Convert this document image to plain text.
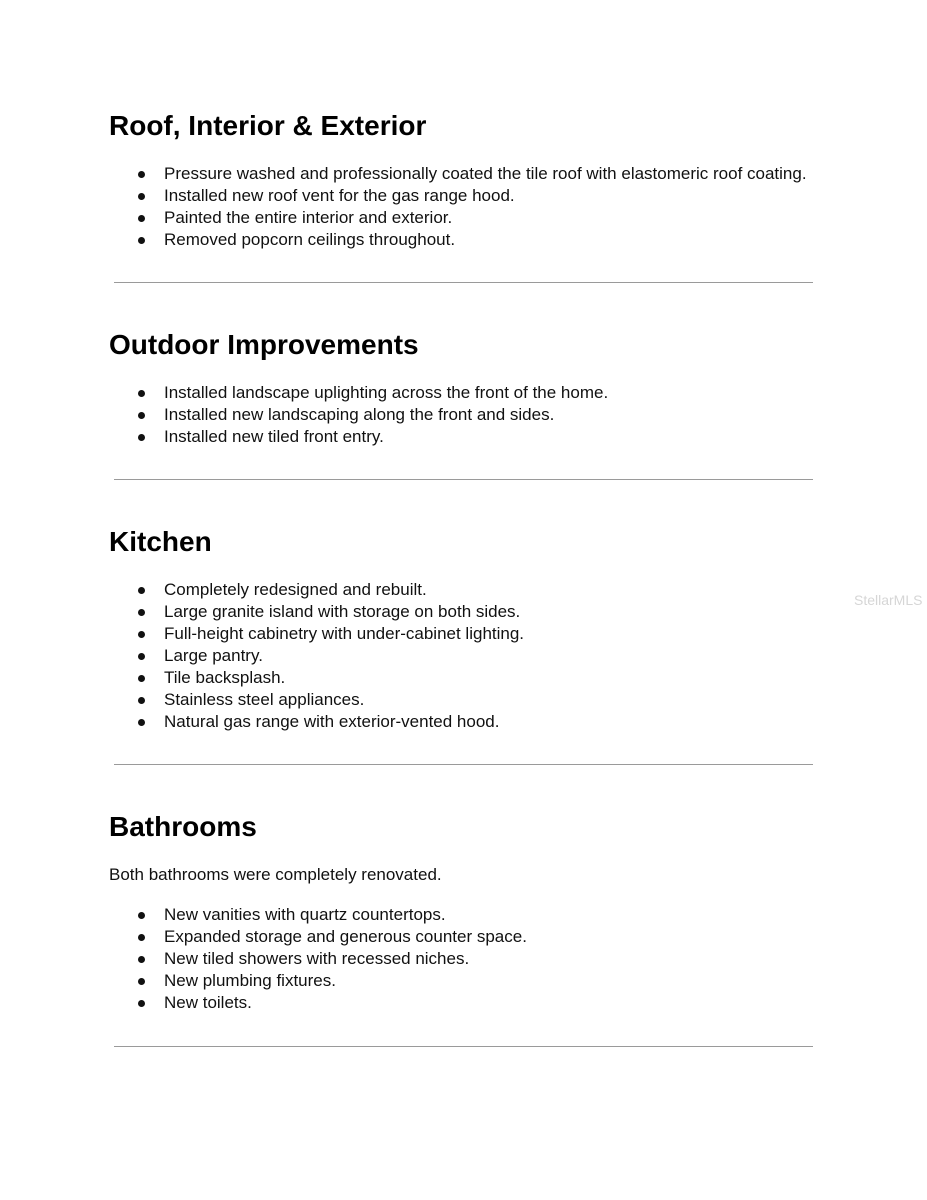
Roof, Interior & Exterior
Pressure washed and professionally coated the tile roof with elastomeric roof coating.
Installed new roof vent for the gas range hood.
Painted the entire interior and exterior.
Removed popcorn ceilings throughout.
Outdoor Improvements
Installed landscape uplighting across the front of the home.
Installed new landscaping along the front and sides.
Installed new tiled front entry.
Kitchen
Completely redesigned and rebuilt.
Large granite island with storage on both sides.
Full-height cabinetry with under-cabinet lighting.
Large pantry.
Tile backsplash.
Stainless steel appliances.
Natural gas range with exterior-vented hood.
Bathrooms

Both bathrooms were completely renovated.

New vanities with quartz countertops.
Expanded storage and generous counter space.
New tiled showers with recessed niches.
New plumbing fixtures.
New toilets.
StellarMLS
